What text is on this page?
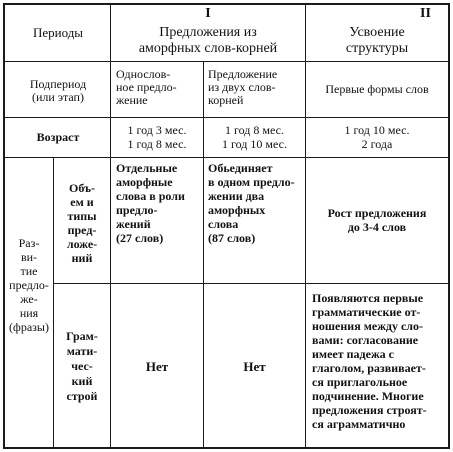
Периоды
I
Предложения из
аморфных слов-корней
II
Усвоение
структуры
Подпериод
(или этап)
Однослов-
ное предло-
жение
Предложение
из двух слов-
корней
Первые формы слов
Возраст	1 год 3 мес.
1 год 8 мес.
1 год 8 мес.
1 год 10 мес.
1 год 10 мес.
2 года
Раз-
ви-
тие
предло-
же-
ния
(фразы)
Объ-
ем и
типы
пред-
ложе-
ний
Отдельные
аморфные
слова в роли
предло-
жений
(27 слов)
Обьединяет
в одном предло-
жении два
аморфных
слова
(87 слов)
Рост предложения
до 3-4 слов
Грам-
мати-
чес-
кий
строй
Нет	Нет
Появляются первые
грамматические от-
ношения между сло-
вами: согласование
имеет падежа с
глаголом, развивает-
ся приглагольное
подчинение. Многие
предложения строят-
ся аграмматично
